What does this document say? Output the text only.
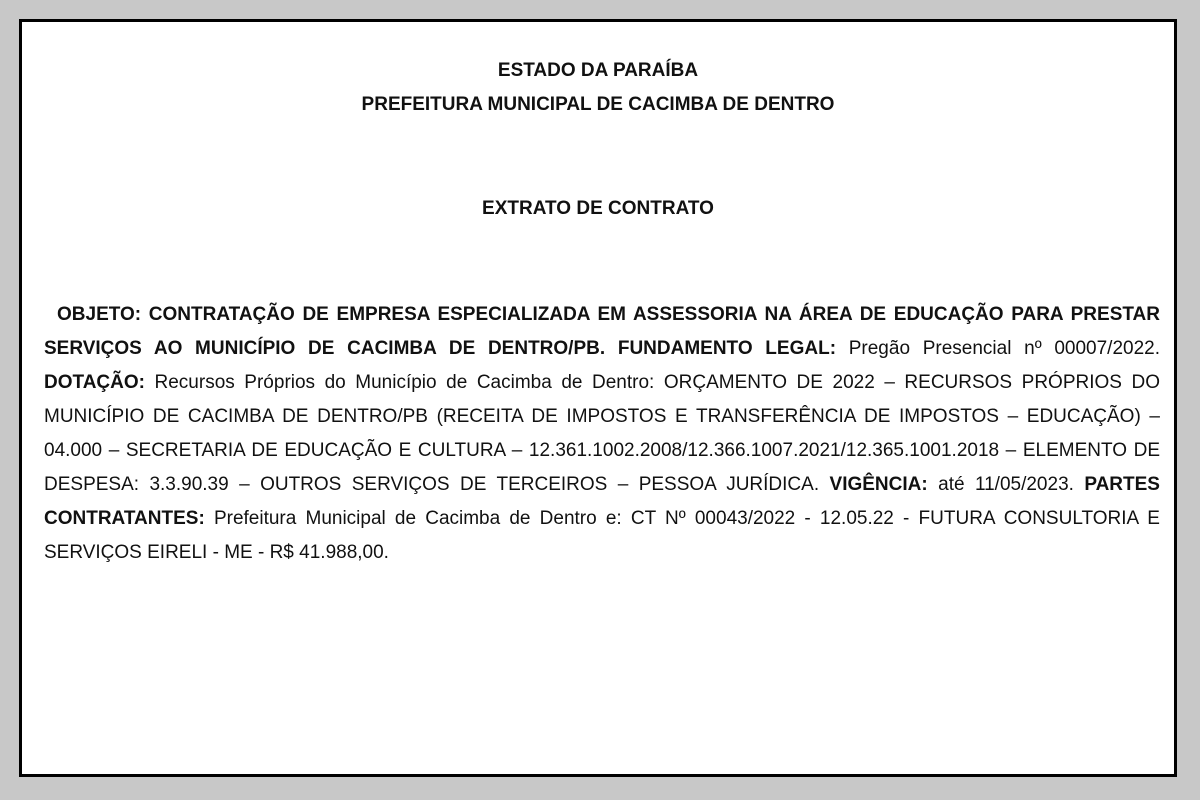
ESTADO DA PARAÍBA
PREFEITURA MUNICIPAL DE CACIMBA DE DENTRO
EXTRATO DE CONTRATO

OBJETO: CONTRATAÇÃO DE EMPRESA ESPECIALIZADA EM ASSESSORIA NA ÁREA DE EDUCAÇÃO PARA PRESTAR SERVIÇOS AO MUNICÍPIO DE CACIMBA DE DENTRO/PB. FUNDAMENTO LEGAL: Pregão Presencial nº 00007/2022. DOTAÇÃO: Recursos Próprios do Município de Cacimba de Dentro: ORÇAMENTO DE 2022 – RECURSOS PRÓPRIOS DO MUNICÍPIO DE CACIMBA DE DENTRO/PB (RECEITA DE IMPOSTOS E TRANSFERÊNCIA DE IMPOSTOS – EDUCAÇÃO) – 04.000 – SECRETARIA DE EDUCAÇÃO E CULTURA – 12.361.1002.2008/12.366.1007.2021/12.365.1001.2018 – ELEMENTO DE DESPESA: 3.3.90.39 – OUTROS SERVIÇOS DE TERCEIROS – PESSOA JURÍDICA. VIGÊNCIA: até 11/05/2023. PARTES CONTRATANTES: Prefeitura Municipal de Cacimba de Dentro e: CT Nº 00043/2022 - 12.05.22 - FUTURA CONSULTORIA E SERVIÇOS EIRELI - ME - R$ 41.988,00.
